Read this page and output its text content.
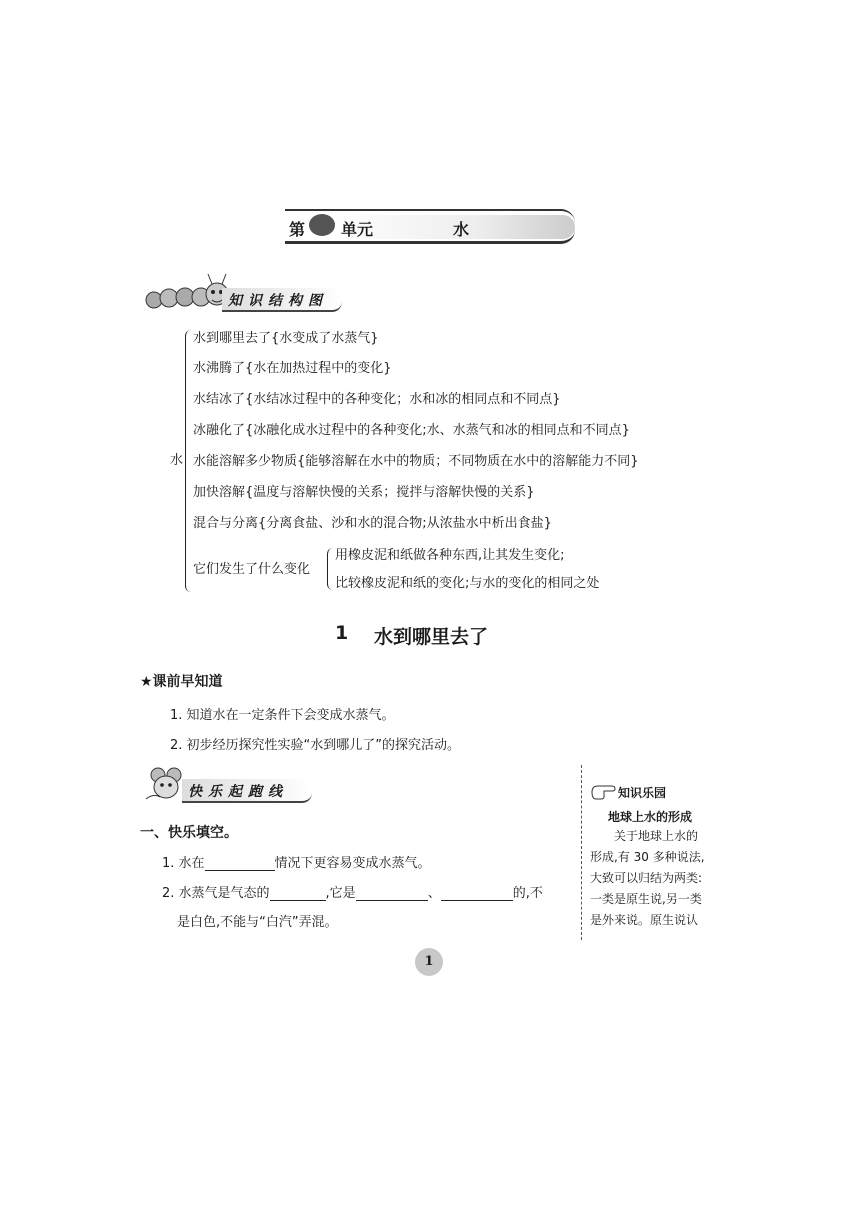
第 单元	水
知识结构图
水
水到哪里去了{水变成了水蒸气}
水沸腾了{水在加热过程中的变化}
水结冰了{水结冰过程中的各种变化；水和冰的相同点和不同点}
冰融化了{冰融化成水过程中的各种变化;水、水蒸气和冰的相同点和不同点}
水能溶解多少物质{能够溶解在水中的物质；不同物质在水中的溶解能力不同}
加快溶解{温度与溶解快慢的关系；搅拌与溶解快慢的关系}
混合与分离{分离食盐、沙和水的混合物;从浓盐水中析出食盐}
它们发生了什么变化
用橡皮泥和纸做各种东西,让其发生变化;
比较橡皮泥和纸的变化;与水的变化的相同之处
1 水到哪里去了
★课前早知道
1. 知道水在一定条件下会变成水蒸气。
2. 初步经历探究性实验“水到哪儿了”的探究活动。
快乐起跑线
一、快乐填空。
1. 水在	情况下更容易变成水蒸气。
2. 水蒸气是气态的	,它是	、	的,不
是白色,不能与“白汽”弄混。
知识乐园
地球上水的形成
关于地球上水的
形成,有 30 多种说法,
大致可以归结为两类:
一类是原生说,另一类
是外来说。原生说认
1
